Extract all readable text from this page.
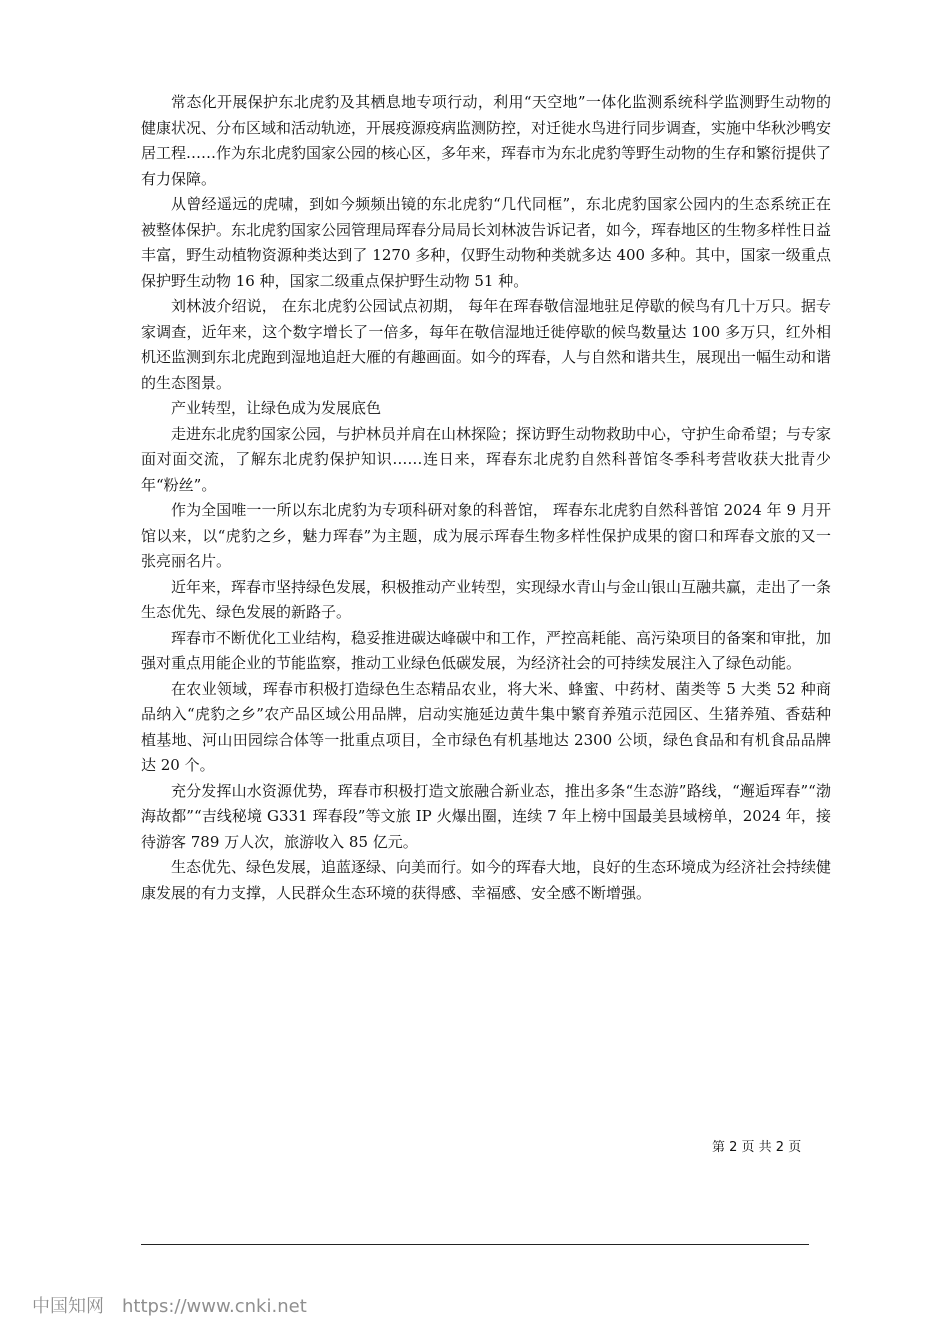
常态化开展保护东北虎豹及其栖息地专项行动，利用“天空地”一体化监测系统科学监测野生动物的健康状况、分布区域和活动轨迹，开展疫源疫病监测防控，对迁徙水鸟进行同步调查，实施中华秋沙鸭安居工程……作为东北虎豹国家公园的核心区，多年来，珲春市为东北虎豹等野生动物的生存和繁衍提供了有力保障。

从曾经遥远的虎啸，到如今频频出镜的东北虎豹“几代同框”，东北虎豹国家公园内的生态系统正在被整体保护。东北虎豹国家公园管理局珲春分局局长刘林波告诉记者，如今，珲春地区的生物多样性日益丰富，野生动植物资源种类达到了 1270 多种，仅野生动物种类就多达 400 多种。其中，国家一级重点保护野生动物 16 种，国家二级重点保护野生动物 51 种。

刘林波介绍说， 在东北虎豹公园试点初期， 每年在珲春敬信湿地驻足停歇的候鸟有几十万只。据专家调查，近年来，这个数字增长了一倍多，每年在敬信湿地迁徙停歇的候鸟数量达 100 多万只，红外相机还监测到东北虎跑到湿地追赶大雁的有趣画面。如今的珲春，人与自然和谐共生，展现出一幅生动和谐的生态图景。

产业转型，让绿色成为发展底色

走进东北虎豹国家公园，与护林员并肩在山林探险；探访野生动物救助中心，守护生命希望；与专家面对面交流，了解东北虎豹保护知识……连日来，珲春东北虎豹自然科普馆冬季科考营收获大批青少年“粉丝”。

作为全国唯一一所以东北虎豹为专项科研对象的科普馆， 珲春东北虎豹自然科普馆 2024 年 9 月开馆以来，以“虎豹之乡，魅力珲春”为主题，成为展示珲春生物多样性保护成果的窗口和珲春文旅的又一张亮丽名片。

近年来，珲春市坚持绿色发展，积极推动产业转型，实现绿水青山与金山银山互融共赢，走出了一条生态优先、绿色发展的新路子。

珲春市不断优化工业结构，稳妥推进碳达峰碳中和工作，严控高耗能、高污染项目的备案和审批，加强对重点用能企业的节能监察，推动工业绿色低碳发展，为经济社会的可持续发展注入了绿色动能。

在农业领域，珲春市积极打造绿色生态精品农业，将大米、蜂蜜、中药材、菌类等 5 大类 52 种商品纳入“虎豹之乡”农产品区域公用品牌，启动实施延边黄牛集中繁育养殖示范园区、生猪养殖、香菇种植基地、河山田园综合体等一批重点项目，全市绿色有机基地达 2300 公顷，绿色食品和有机食品品牌达 20 个。

充分发挥山水资源优势，珲春市积极打造文旅融合新业态，推出多条“生态游”路线，“邂逅珲春”“渤海故都”“吉线秘境 G331 珲春段”等文旅 IP 火爆出圈，连续 7 年上榜中国最美县域榜单，2024 年，接待游客 789 万人次，旅游收入 85 亿元。

生态优先、绿色发展，追蓝逐绿、向美而行。如今的珲春大地，良好的生态环境成为经济社会持续健康发展的有力支撑，人民群众生态环境的获得感、幸福感、安全感不断增强。

第 2 页 共 2 页
中国知网 https://www.cnki.net
